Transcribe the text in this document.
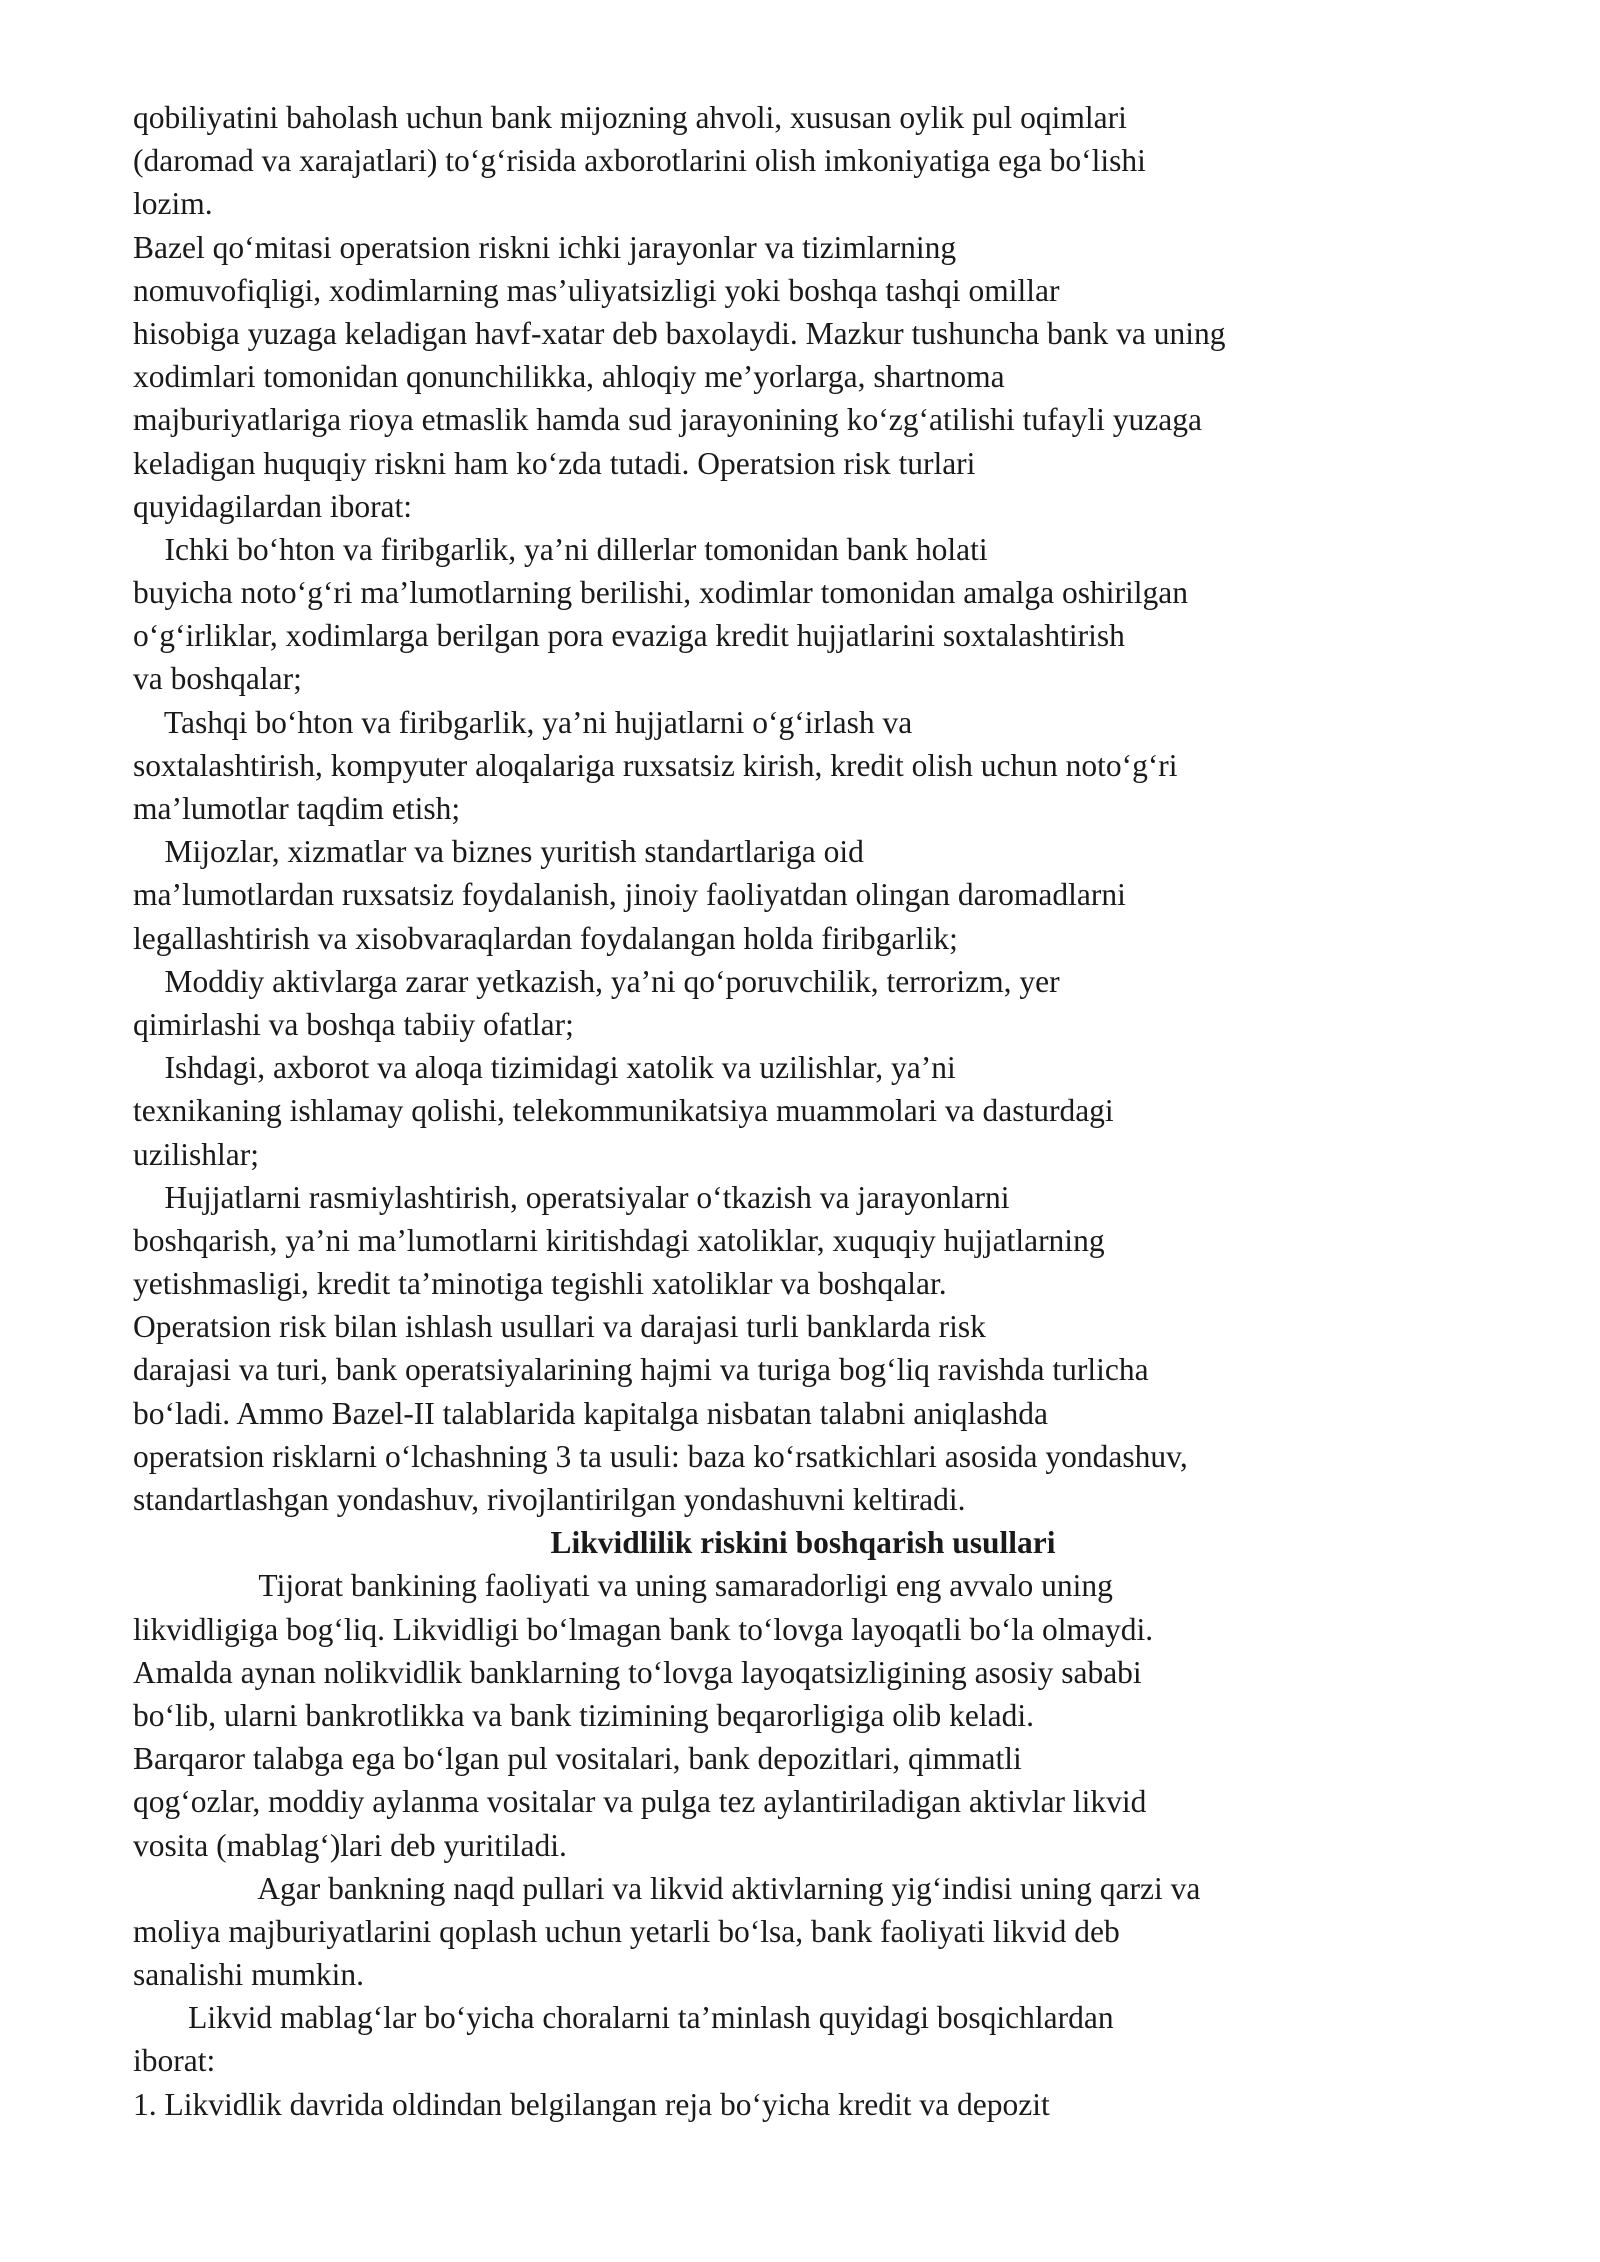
qobiliyatini baholash uchun bank mijozning ahvoli, xususan oylik pul oqimlari
(daromad va xarajatlari) to‘g‘risida axborotlarini olish imkoniyatiga ega bo‘lishi
lozim.
Bazel qo‘mitasi operatsion riskni ichki jarayonlar va tizimlarning
nomuvofiqligi, xodimlarning mas’uliyatsizligi yoki boshqa tashqi omillar
hisobiga yuzaga keladigan havf-xatar deb baxolaydi. Mazkur tushuncha bank va uning
xodimlari tomonidan qonunchilikka, ahloqiy me’yorlarga, shartnoma
majburiyatlariga rioya etmaslik hamda sud jarayonining ko‘zg‘atilishi tufayli yuzaga
keladigan huquqiy riskni ham ko‘zda tutadi. Operatsion risk turlari
quyidagilardan iborat:
Ichki bo‘hton va firibgarlik, ya’ni dillerlar tomonidan bank holati
buyicha noto‘g‘ri ma’lumotlarning berilishi, xodimlar tomonidan amalga oshirilgan
o‘g‘irliklar, xodimlarga berilgan pora evaziga kredit hujjatlarini soxtalashtirish
va boshqalar;
Tashqi bo‘hton va firibgarlik, ya’ni hujjatlarni o‘g‘irlash va
soxtalashtirish, kompyuter aloqalariga ruxsatsiz kirish, kredit olish uchun noto‘g‘ri
ma’lumotlar taqdim etish;
Mijozlar, xizmatlar va biznes yuritish standartlariga oid
ma’lumotlardan ruxsatsiz foydalanish, jinoiy faoliyatdan olingan daromadlarni
legallashtirish va xisobvaraqlardan foydalangan holda firibgarlik;
Moddiy aktivlarga zarar yetkazish, ya’ni qo‘poruvchilik, terrorizm, yer
qimirlashi va boshqa tabiiy ofatlar;
Ishdagi, axborot va aloqa tizimidagi xatolik va uzilishlar, ya’ni
texnikaning ishlamay qolishi, telekommunikatsiya muammolari va dasturdagi
uzilishlar;
Hujjatlarni rasmiylashtirish, operatsiyalar o‘tkazish va jarayonlarni
boshqarish, ya’ni ma’lumotlarni kiritishdagi xatoliklar, xuquqiy hujjatlarning
yetishmasligi, kredit ta’minotiga tegishli xatoliklar va boshqalar.
Operatsion risk bilan ishlash usullari va darajasi turli banklarda risk
darajasi va turi, bank operatsiyalarining hajmi va turiga bog‘liq ravishda turlicha
bo‘ladi. Ammo Bazel-II talablarida kapitalga nisbatan talabni aniqlashda
operatsion risklarni o‘lchashning 3 ta usuli: baza ko‘rsatkichlari asosida yondashuv,
standartlashgan yondashuv, rivojlantirilgan yondashuvni keltiradi.
Likvidlilik riskini boshqarish usullari
Tijorat bankining faoliyati va uning samaradorligi eng avvalo uning
likvidligiga bog‘liq. Likvidligi bo‘lmagan bank to‘lovga layoqatli bo‘la olmaydi.
Amalda aynan nolikvidlik banklarning to‘lovga layoqatsizligining asosiy sababi
bo‘lib, ularni bankrotlikka va bank tizimining beqarorligiga olib keladi.
Barqaror talabga ega bo‘lgan pul vositalari, bank depozitlari, qimmatli
qog‘ozlar, moddiy aylanma vositalar va pulga tez aylantiriladigan aktivlar likvid
vosita (mablag‘)lari deb yuritiladi.
Agar bankning naqd pullari va likvid aktivlarning yig‘indisi uning qarzi va
moliya majburiyatlarini qoplash uchun yetarli bo‘lsa, bank faoliyati likvid deb
sanalishi mumkin.
Likvid mablag‘lar bo‘yicha choralarni ta’minlash quyidagi bosqichlardan
iborat:
1. Likvidlik davrida oldindan belgilangan reja bo‘yicha kredit va depozit
